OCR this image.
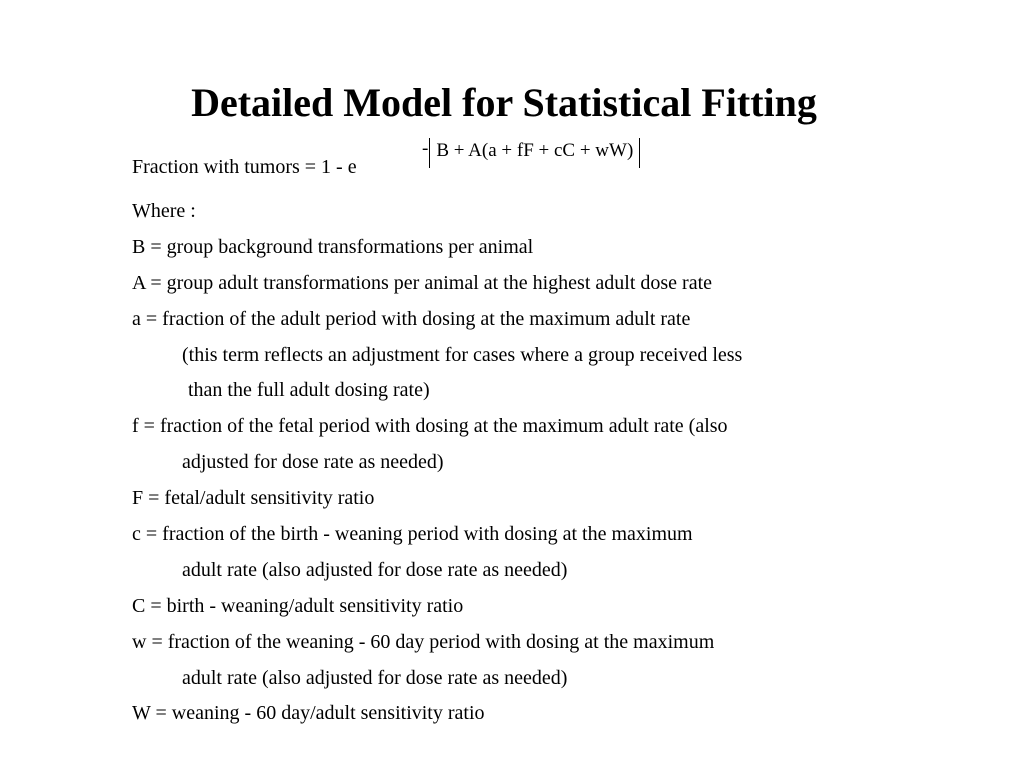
Detailed Model for Statistical Fitting
Fraction with tumors = 1 - e
- B + A(a + fF + cC + wW)
Where :
B = group background transformations per animal
A = group adult transformations per animal at the highest adult dose rate
a = fraction of the adult period with dosing at the maximum adult rate
(this term reflects an adjustment for cases where a group received less
than the full adult dosing rate)
f = fraction of the fetal period with dosing at the maximum adult rate (also
adjusted for dose rate as needed)
F = fetal/adult sensitivity ratio
c = fraction of the birth - weaning period with dosing at the maximum
adult rate (also adjusted for dose rate as needed)
C = birth - weaning/adult sensitivity ratio
w = fraction of the weaning - 60 day period with dosing at the maximum
adult rate (also adjusted for dose rate as needed)
W = weaning - 60 day/adult sensitivity ratio
